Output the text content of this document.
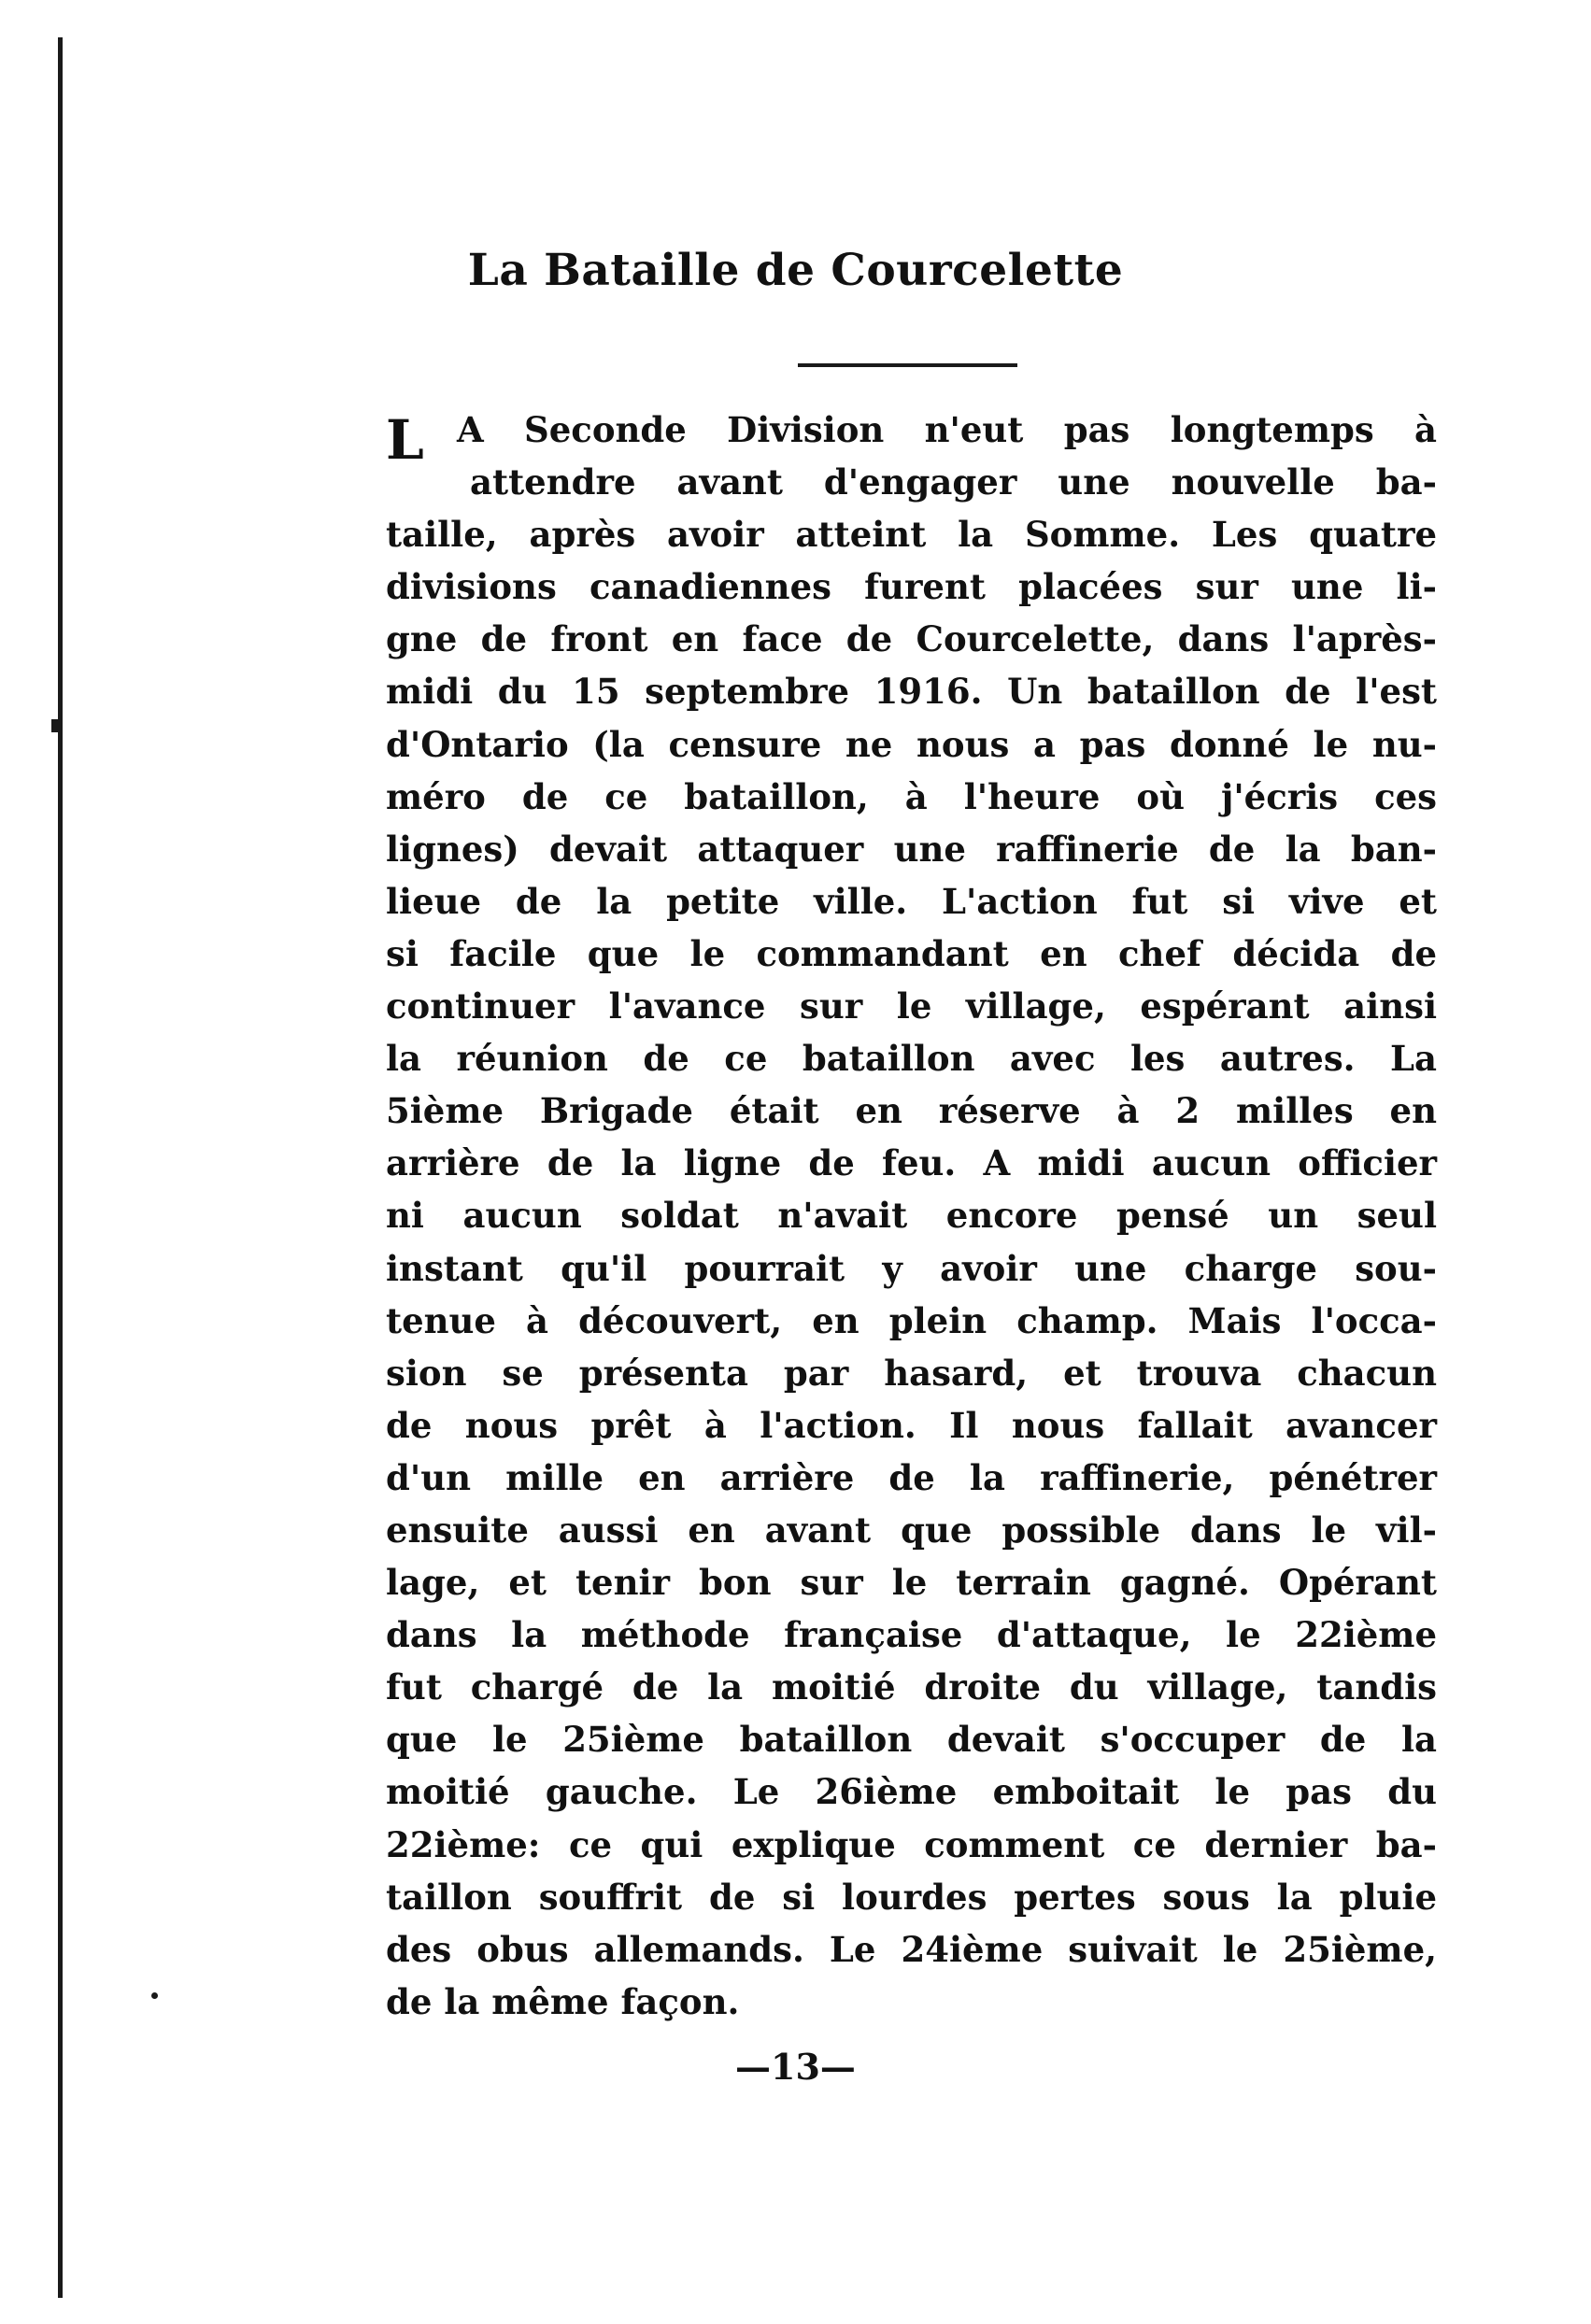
La Bataille de Courcelette
L A Seconde Division n'eut pas longtemps à
attendre avant d'engager une nouvelle ba-
taille, après avoir atteint la Somme. Les quatre
divisions canadiennes furent placées sur une li-
gne de front en face de Courcelette, dans l'après-
midi du 15 septembre 1916. Un bataillon de l'est
d'Ontario (la censure ne nous a pas donné le nu-
méro de ce bataillon, à l'heure où j'écris ces
lignes) devait attaquer une raffinerie de la ban-
lieue de la petite ville. L'action fut si vive et
si facile que le commandant en chef décida de
continuer l'avance sur le village, espérant ainsi
la réunion de ce bataillon avec les autres. La
5ième Brigade était en réserve à 2 milles en
arrière de la ligne de feu. A midi aucun officier
ni aucun soldat n'avait encore pensé un seul
instant qu'il pourrait y avoir une charge sou-
tenue à découvert, en plein champ. Mais l'occa-
sion se présenta par hasard, et trouva chacun
de nous prêt à l'action. Il nous fallait avancer
d'un mille en arrière de la raffinerie, pénétrer
ensuite aussi en avant que possible dans le vil-
lage, et tenir bon sur le terrain gagné. Opérant
dans la méthode française d'attaque, le 22ième
fut chargé de la moitié droite du village, tandis
que le 25ième bataillon devait s'occuper de la
moitié gauche. Le 26ième emboitait le pas du
22ième: ce qui explique comment ce dernier ba-
taillon souffrit de si lourdes pertes sous la pluie
des obus allemands. Le 24ième suivait le 25ième,
de la même façon.
—13—
